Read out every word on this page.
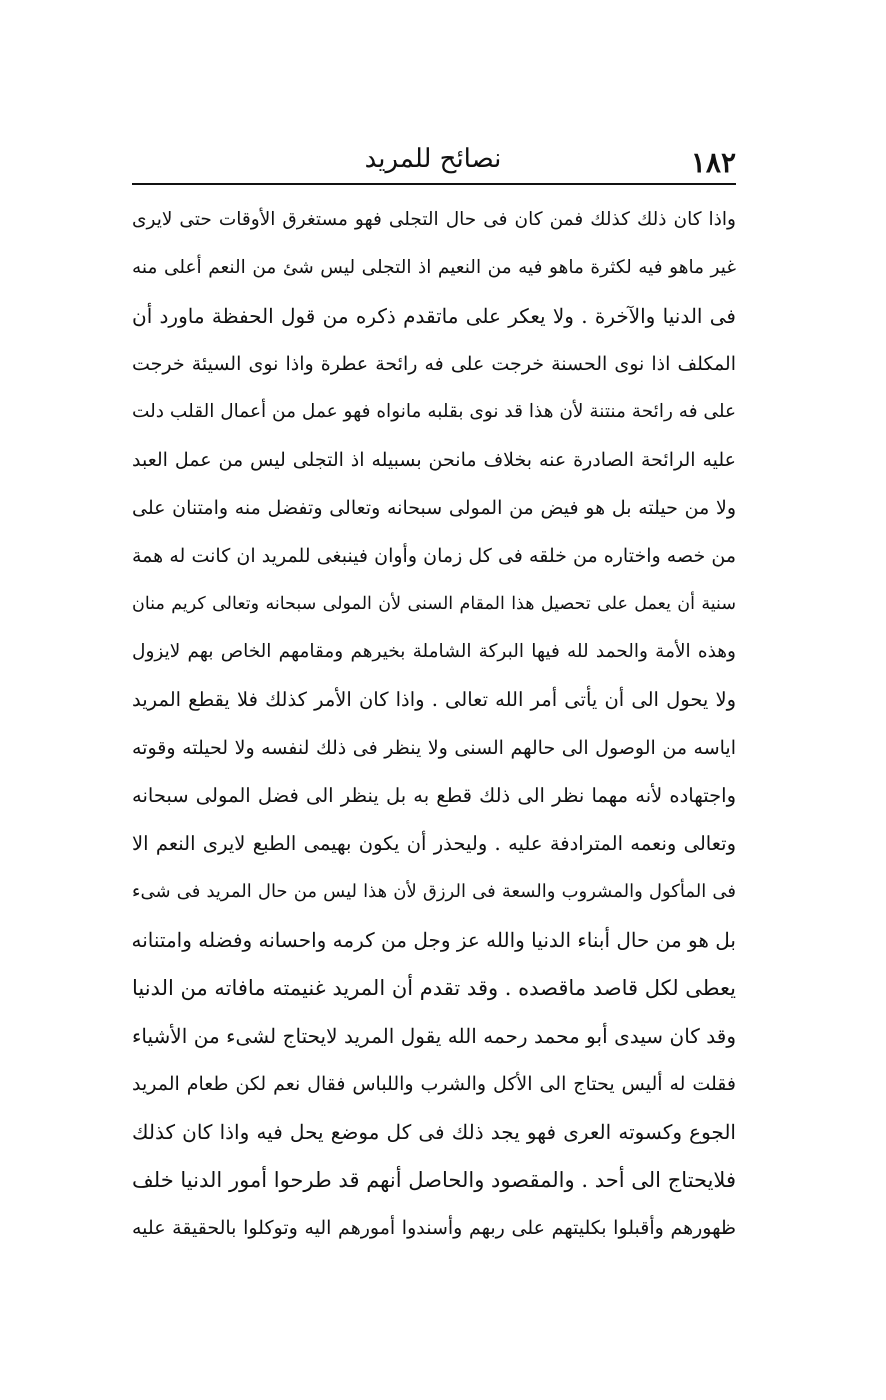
١٨٢
نصائح للمريد
واذا كان ذلك كذلك فمن كان فى حال التجلى فهو مستغرق الأوقات حتى لايرى
غير ماهو فيه لكثرة ماهو فيه من النعيم اذ التجلى ليس شئ من النعم أعلى منه
فى الدنيا والآخرة . ولا يعكر على ماتقدم ذكره من قول الحفظة ماورد أن
المكلف اذا نوى الحسنة خرجت على فه رائحة عطرة واذا نوى السيئة خرجت
على فه رائحة منتنة لأن هذا قد نوى بقلبه مانواه فهو عمل من أعمال القلب دلت
عليه الرائحة الصادرة عنه بخلاف مانحن بسبيله اذ التجلى ليس من عمل العبد
ولا من حيلته بل هو فيض من المولى سبحانه وتعالى وتفضل منه وامتنان على
من خصه واختاره من خلقه فى كل زمان وأوان فينبغى للمريد ان كانت له همة
سنية أن يعمل على تحصيل هذا المقام السنى لأن المولى سبحانه وتعالى كريم منان
وهذه الأمة والحمد لله فيها البركة الشاملة بخيرهم ومقامهم الخاص بهم لايزول
ولا يحول الى أن يأتى أمر الله تعالى . واذا كان الأمر كذلك فلا يقطع المريد
اياسه من الوصول الى حالهم السنى ولا ينظر فى ذلك لنفسه ولا لحيلته وقوته
واجتهاده لأنه مهما نظر الى ذلك قطع به بل ينظر الى فضل المولى سبحانه
وتعالى ونعمه المترادفة عليه . وليحذر أن يكون بهيمى الطبع لايرى النعم الا
فى المأكول والمشروب والسعة فى الرزق لأن هذا ليس من حال المريد فى شىء
بل هو من حال أبناء الدنيا والله عز وجل من كرمه واحسانه وفضله وامتنانه
يعطى لكل قاصد ماقصده . وقد تقدم أن المريد غنيمته مافاته من الدنيا
وقد كان سيدى أبو محمد رحمه الله يقول المريد لايحتاج لشىء من الأشياء
فقلت له أليس يحتاج الى الأكل والشرب واللباس فقال نعم لكن طعام المريد
الجوع وكسوته العرى فهو يجد ذلك فى كل موضع يحل فيه واذا كان كذلك
فلايحتاج الى أحد . والمقصود والحاصل أنهم قد طرحوا أمور الدنيا خلف
ظهورهم وأقبلوا بكليتهم على ربهم وأسندوا أمورهم اليه وتوكلوا بالحقيقة عليه
